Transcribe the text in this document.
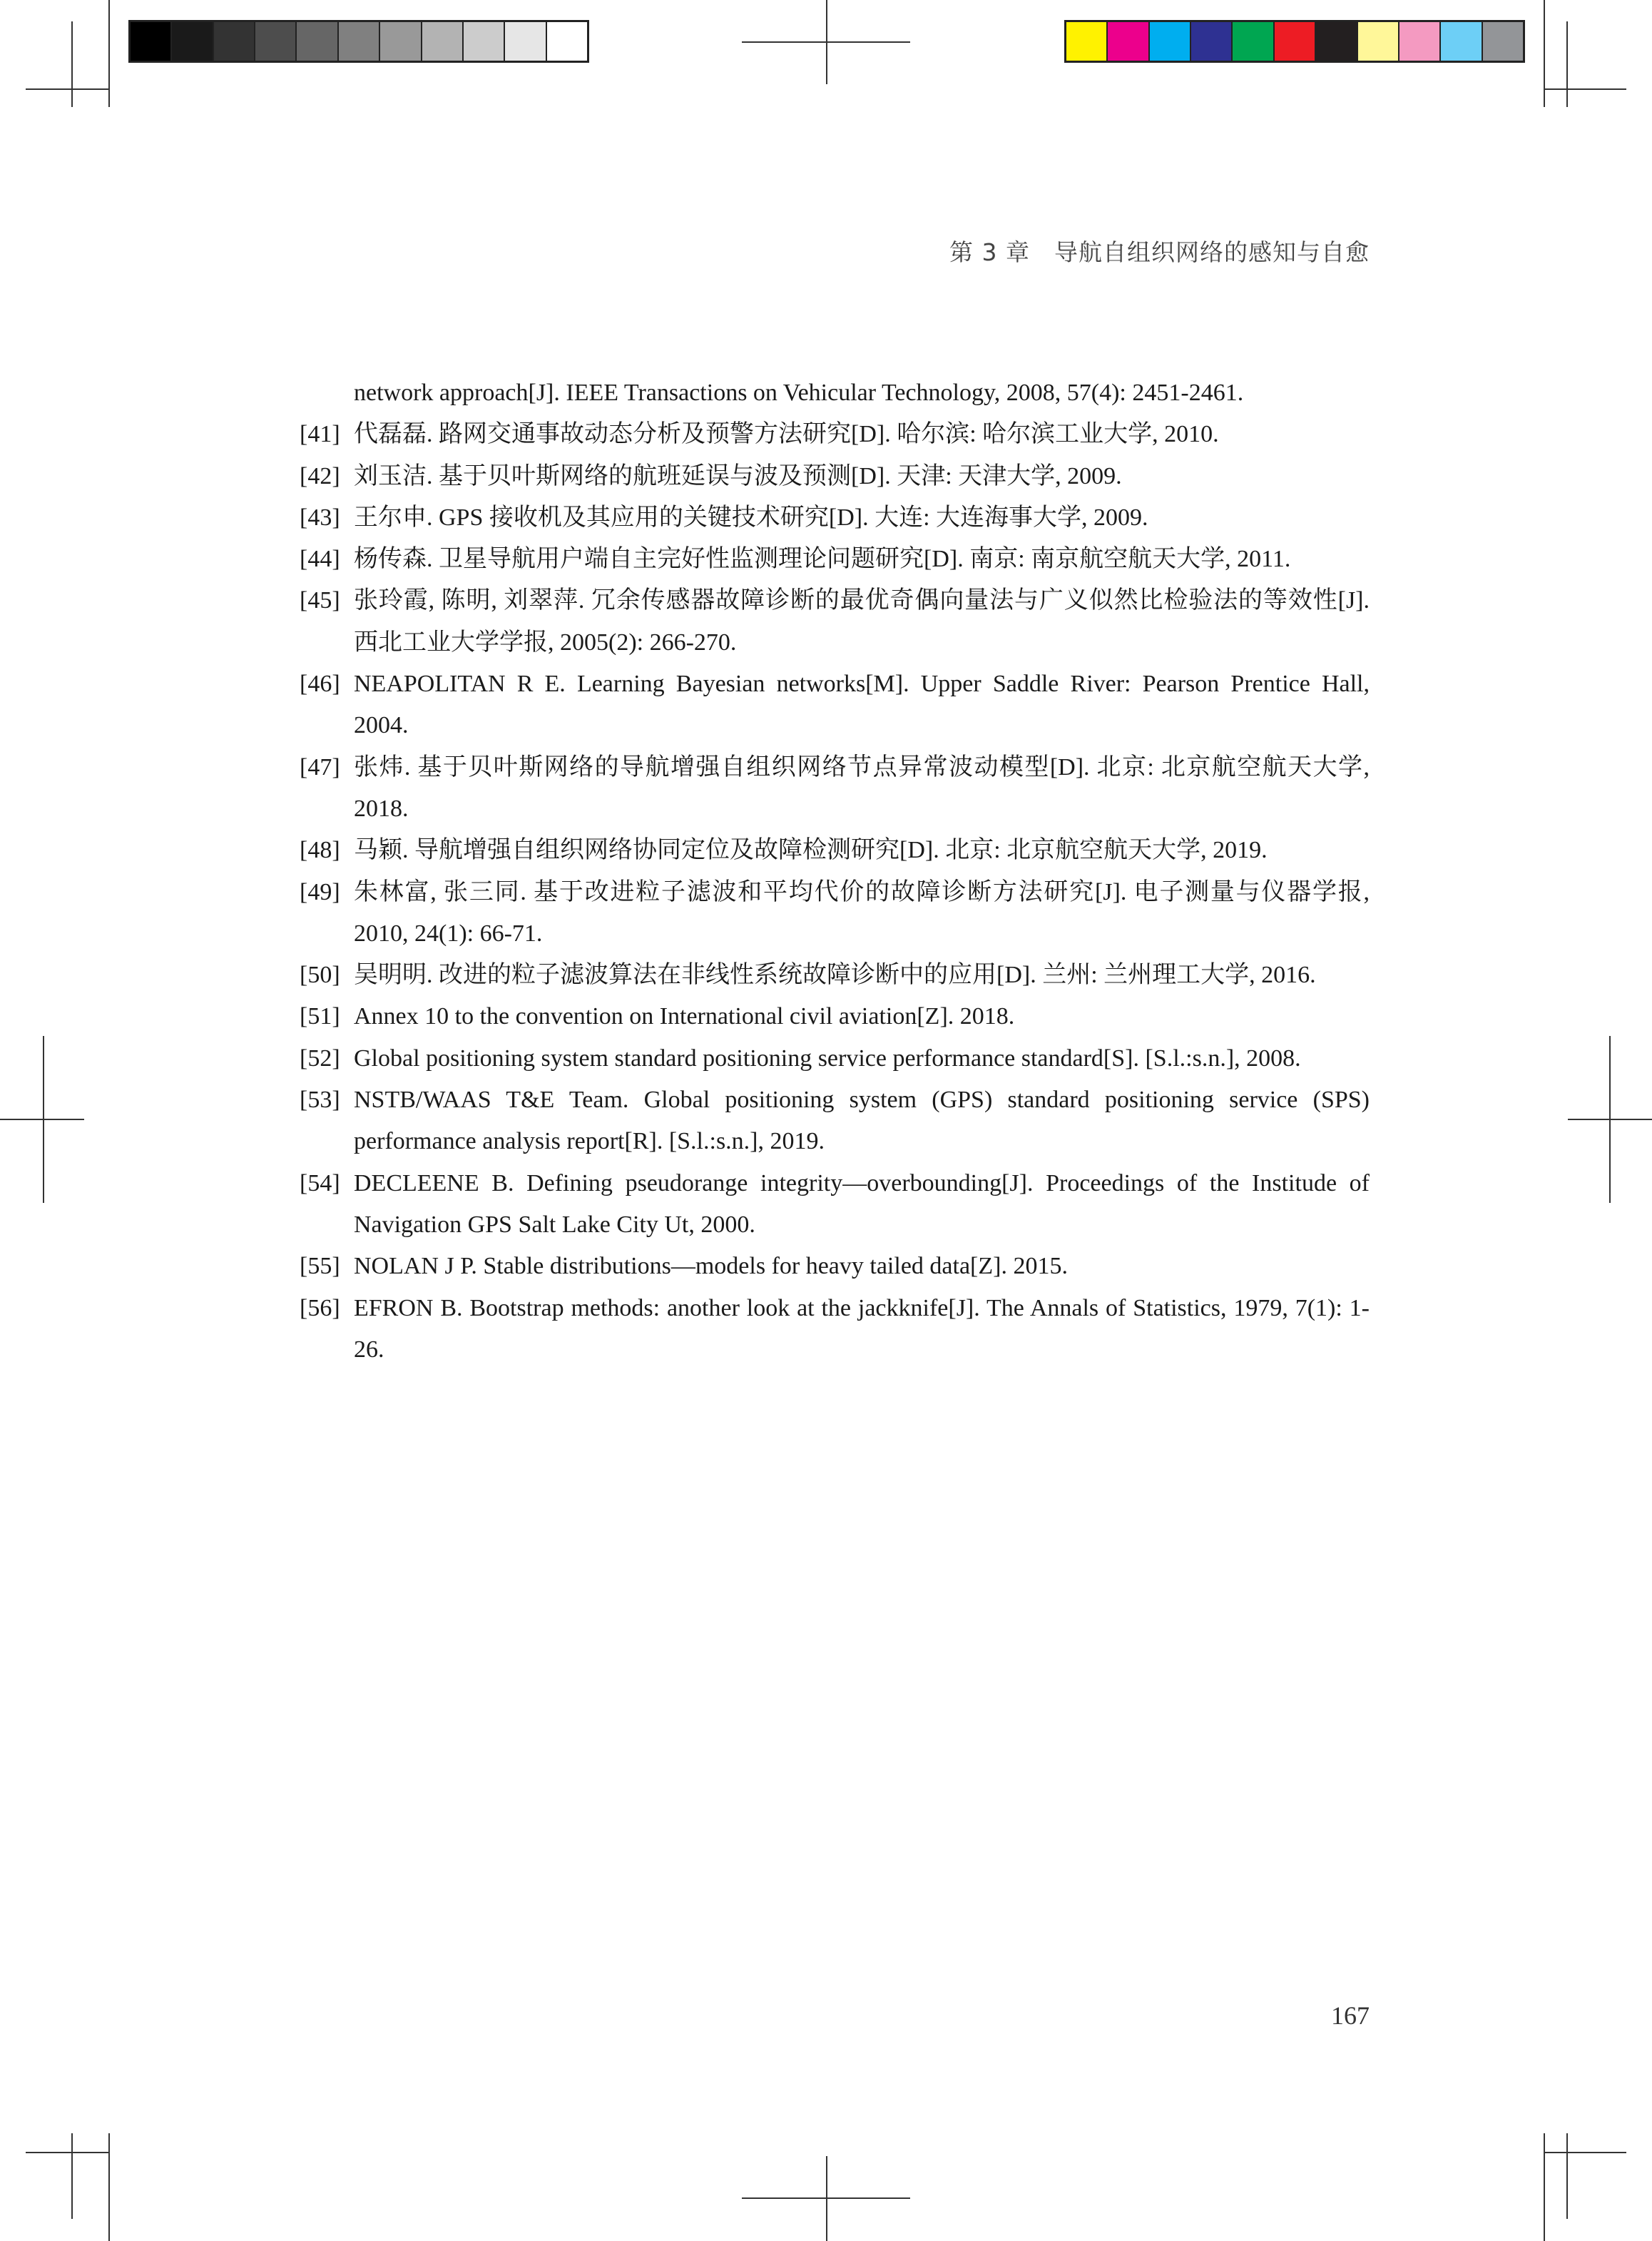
第 3 章　导航自组织网络的感知与自愈
network approach[J]. IEEE Transactions on Vehicular Technology, 2008, 57(4): 2451-2461.
[41] 代磊磊. 路网交通事故动态分析及预警方法研究[D]. 哈尔滨: 哈尔滨工业大学, 2010.
[42] 刘玉洁. 基于贝叶斯网络的航班延误与波及预测[D]. 天津: 天津大学, 2009.
[43] 王尔申. GPS 接收机及其应用的关键技术研究[D]. 大连: 大连海事大学, 2009.
[44] 杨传森. 卫星导航用户端自主完好性监测理论问题研究[D]. 南京: 南京航空航天大学, 2011.
[45] 张玲霞, 陈明, 刘翠萍. 冗余传感器故障诊断的最优奇偶向量法与广义似然比检验法的等效性[J]. 西北工业大学学报, 2005(2): 266-270.
[46] NEAPOLITAN R E. Learning Bayesian networks[M]. Upper Saddle River: Pearson Prentice Hall, 2004.
[47] 张炜. 基于贝叶斯网络的导航增强自组织网络节点异常波动模型[D]. 北京: 北京航空航天大学, 2018.
[48] 马颖. 导航增强自组织网络协同定位及故障检测研究[D]. 北京: 北京航空航天大学, 2019.
[49] 朱林富, 张三同. 基于改进粒子滤波和平均代价的故障诊断方法研究[J]. 电子测量与仪器学报, 2010, 24(1): 66-71.
[50] 吴明明. 改进的粒子滤波算法在非线性系统故障诊断中的应用[D]. 兰州: 兰州理工大学, 2016.
[51] Annex 10 to the convention on International civil aviation[Z]. 2018.
[52] Global positioning system standard positioning service performance standard[S]. [S.l.:s.n.], 2008.
[53] NSTB/WAAS T&E Team. Global positioning system (GPS) standard positioning service (SPS) performance analysis report[R]. [S.l.:s.n.], 2019.
[54] DECLEENE B. Defining pseudorange integrity—overbounding[J]. Proceedings of the Institude of Navigation GPS Salt Lake City Ut, 2000.
[55] NOLAN J P. Stable distributions—models for heavy tailed data[Z]. 2015.
[56] EFRON B. Bootstrap methods: another look at the jackknife[J]. The Annals of Statistics, 1979, 7(1): 1-26.
167
